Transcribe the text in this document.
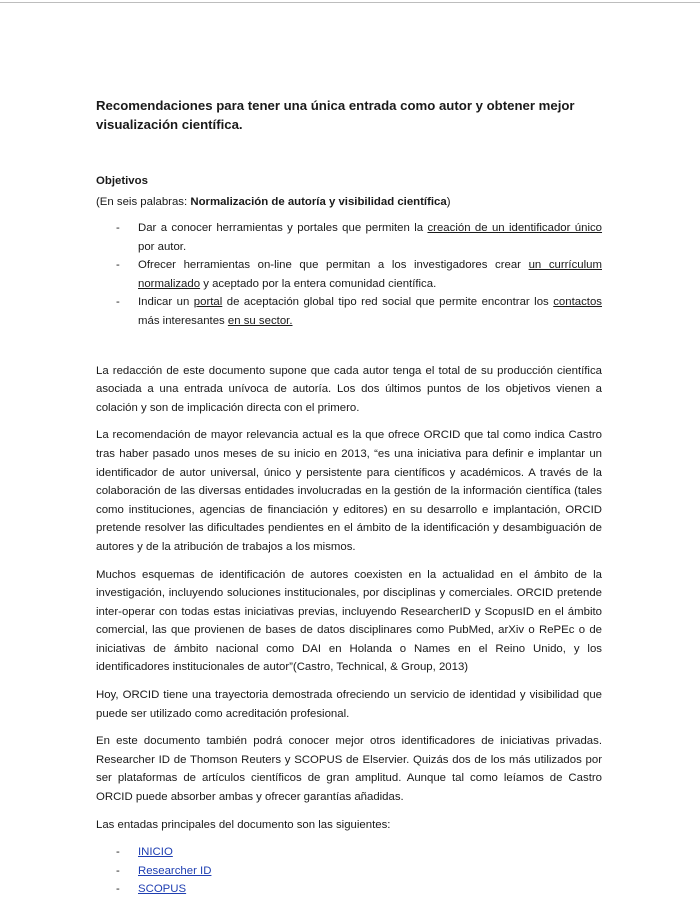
Recomendaciones para tener una única entrada como autor y obtener mejor visualización científica.
Objetivos
(En seis palabras: Normalización de autoría y visibilidad científica)
- Dar a conocer herramientas y portales que permiten la creación de un identificador único por autor.
- Ofrecer herramientas on-line que permitan a los investigadores crear un currículum normalizado y aceptado por la entera comunidad científica.
- Indicar un portal de aceptación global tipo red social que permite encontrar los contactos más interesantes en su sector.

La redacción de este documento supone que cada autor tenga el total de su producción científica asociada a una entrada unívoca de autoría. Los dos últimos puntos de los objetivos vienen a colación y son de implicación directa con el primero.

La recomendación de mayor relevancia actual es la que ofrece ORCID que tal como indica Castro tras haber pasado unos meses de su inicio en 2013, “es una iniciativa para definir e implantar un identificador de autor universal, único y persistente para científicos y académicos. A través de la colaboración de las diversas entidades involucradas en la gestión de la información científica (tales como instituciones, agencias de financiación y editores) en su desarrollo e implantación, ORCID pretende resolver las dificultades pendientes en el ámbito de la identificación y desambiguación de autores y de la atribución de trabajos a los mismos.

Muchos esquemas de identificación de autores coexisten en la actualidad en el ámbito de la investigación, incluyendo soluciones institucionales, por disciplinas y comerciales. ORCID pretende inter-operar con todas estas iniciativas previas, incluyendo ResearcherID y ScopusID en el ámbito comercial, las que provienen de bases de datos disciplinares como PubMed, arXiv o RePEc o de iniciativas de ámbito nacional como DAI en Holanda o Names en el Reino Unido, y los identificadores institucionales de autor”(Castro, Technical, & Group, 2013)

Hoy, ORCID tiene una trayectoria demostrada ofreciendo un servicio de identidad y visibilidad que puede ser utilizado como acreditación profesional.

En este documento también podrá conocer mejor otros identificadores de iniciativas privadas. Researcher ID de Thomson Reuters y SCOPUS de Elservier. Quizás dos de los más utilizados por ser plataformas de artículos científicos de gran amplitud. Aunque tal como leíamos de Castro ORCID puede absorber ambas y ofrecer garantías añadidas.

Las entadas principales del documento son las siguientes:

- INICIO
- Researcher ID
- SCOPUS
